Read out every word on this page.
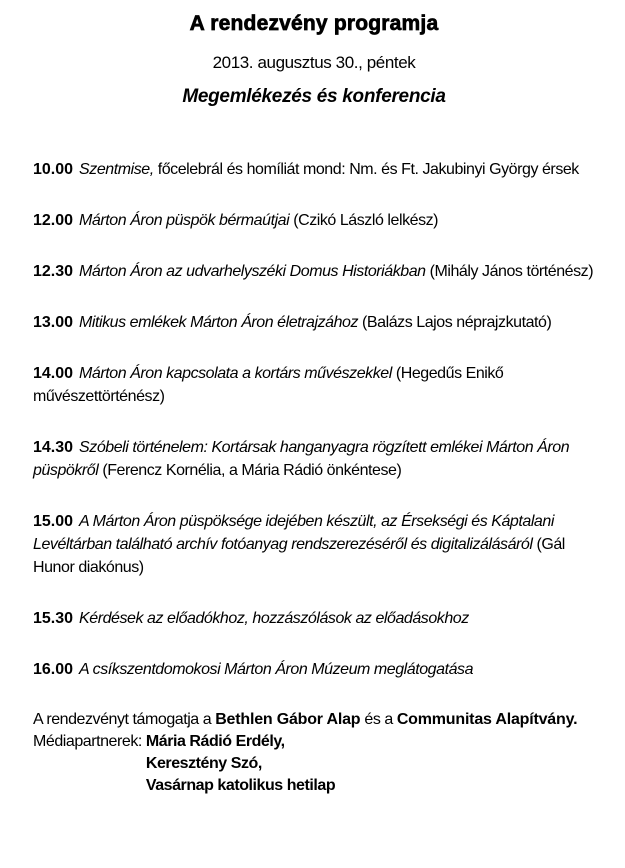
A rendezvény programja
2013. augusztus 30., péntek
Megemlékezés és konferencia

10.00 Szentmise, főcelebrál és homíliát mond: Nm. és Ft. Jakubinyi György érsek

12.00 Márton Áron püspök bérmaútjai (Czikó László lelkész)

12.30 Márton Áron az udvarhelyszéki Domus Historiákban (Mihály János történész)

13.00 Mitikus emlékek Márton Áron életrajzához (Balázs Lajos néprajzkutató)

14.00 Márton Áron kapcsolata a kortárs művészekkel (Hegedűs Enikő művészettörténész)

14.30 Szóbeli történelem: Kortársak hanganyagra rögzített emlékei Márton Áron püspökről (Ferencz Kornélia, a Mária Rádió önkéntese)

15.00 A Márton Áron püspöksége idejében készült, az Érsekségi és Káptalani Levéltárban található archív fotóanyag rendszerezéséről és digitalizálásáról (Gál Hunor diakónus)

15.30 Kérdések az előadókhoz, hozzászólások az előadásokhoz

16.00 A csíkszentdomokosi Márton Áron Múzeum meglátogatása

A rendezvényt támogatja a Bethlen Gábor Alap és a Communitas Alapítvány.
Médiapartnerek: Mária Rádió Erdély,
Keresztény Szó,
Vasárnap katolikus hetilap
